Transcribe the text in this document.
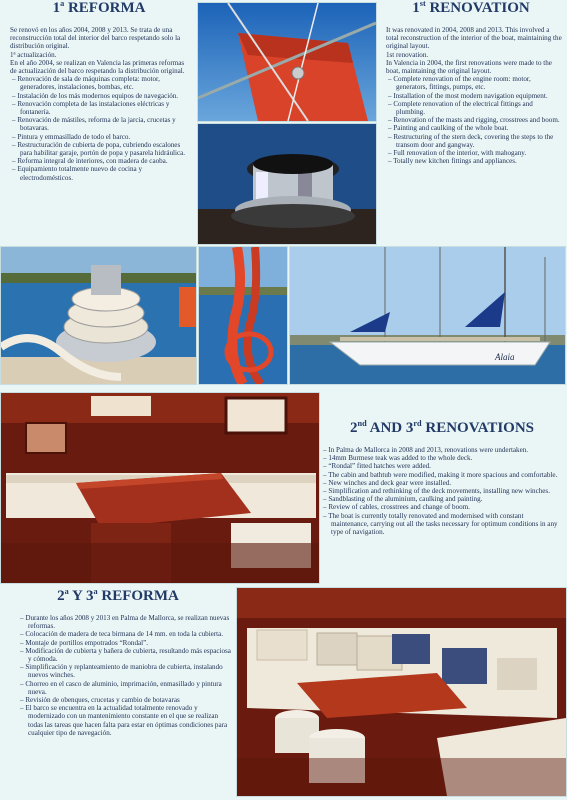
1$^a$ REFORMA

Se renovó en los años 2004, 2008 y 2013. Se trata de una reconstrucción total del interior del barco respetando solo la distribución original.

1ª actualización.

En el año 2004, se realizan en Valencia las primeras reformas de actualización del barco respetando la distribución original.

– Renovación de sala de máquinas completa: motor, generadores, instalaciones, bombas, etc.
– Instalación de los más modernos equipos de navegación.
– Renovación completa de las instalaciones eléctricas y fontanería.
– Renovación de mástiles, reforma de la jarcia, crucetas y botavaras.
– Pintura y emmasillado de todo el barco.
– Restructuración de cubierta de popa, cubriendo escalones para habilitar garaje, portón de popa y pasarela hidráulica.
– Reforma integral de interiores, con madera de caoba.
– Equipamiento totalmente nuevo de cocina y electrodomésticos.
1st RENOVATION

It was renovated in 2004, 2008 and 2013. This involved a total reconstruction of the interior of the boat, maintaining the original layout.

1st renovation.

In Valencia in 2004, the first renovations were made to the boat, maintaining the original layout.

– Complete renovation of the engine room: motor, generators, fittings, pumps, etc.
– Installation of the most modern navigation equipment.
– Complete renovation of the electrical fittings and plumbing.
– Renovation of the masts and rigging, crosstrees and boom.
– Painting and caulking of the whole boat.
– Restructuring of the stern deck, covering the steps to the transom door and gangway.
– Full renovation of the interior, with mahogany.
– Totally new kitchen fittings and appliances.
Alaia
2nd AND 3rd RENOVATIONS
– In Palma de Mallorca in 2008 and 2013, renovations were undertaken.
– 14mm Burmese teak was added to the whole deck.
– “Rondal” fitted hatches were added.
– The cabin and bathtub were modified, making it more spacious and comfortable.
– New winches and deck gear were installed.
– Simplification and rethinking of the deck movements, installing new winches.
– Sandblasting of the aluminium, caulking and painting.
– Review of cables, crosstrees and change of boom.
– The boat is currently totally renovated and modernised with constant maintenance, carrying out all the tasks necessary for optimum conditions in any type of navigation.
2$^a$ Y 3$^a$ REFORMA
– Durante los años 2008 y 2013 en Palma de Mallorca, se realizan nuevas reformas.
– Colocación de madera de teca birmana de 14 mm. en toda la cubierta.
– Montaje de portillos empotrados “Rondal”.
– Modificación de cubierta y bañera de cubierta, resultando más espaciosa y cómoda.
– Simplificación y replanteamiento de maniobra de cubierta, instalando nuevos winches.
– Chorreo en el casco de aluminio, imprimación, enmasillado y pintura nueva.
– Revisión de obenques, crucetas y cambio de botavaras
– El barco se encuentra en la actualidad totalmente renovado y modernizado con un mantenimiento constante en el que se realizan todas las tareas que hacen falta para estar en óptimas condiciones para cualquier tipo de navegación.
